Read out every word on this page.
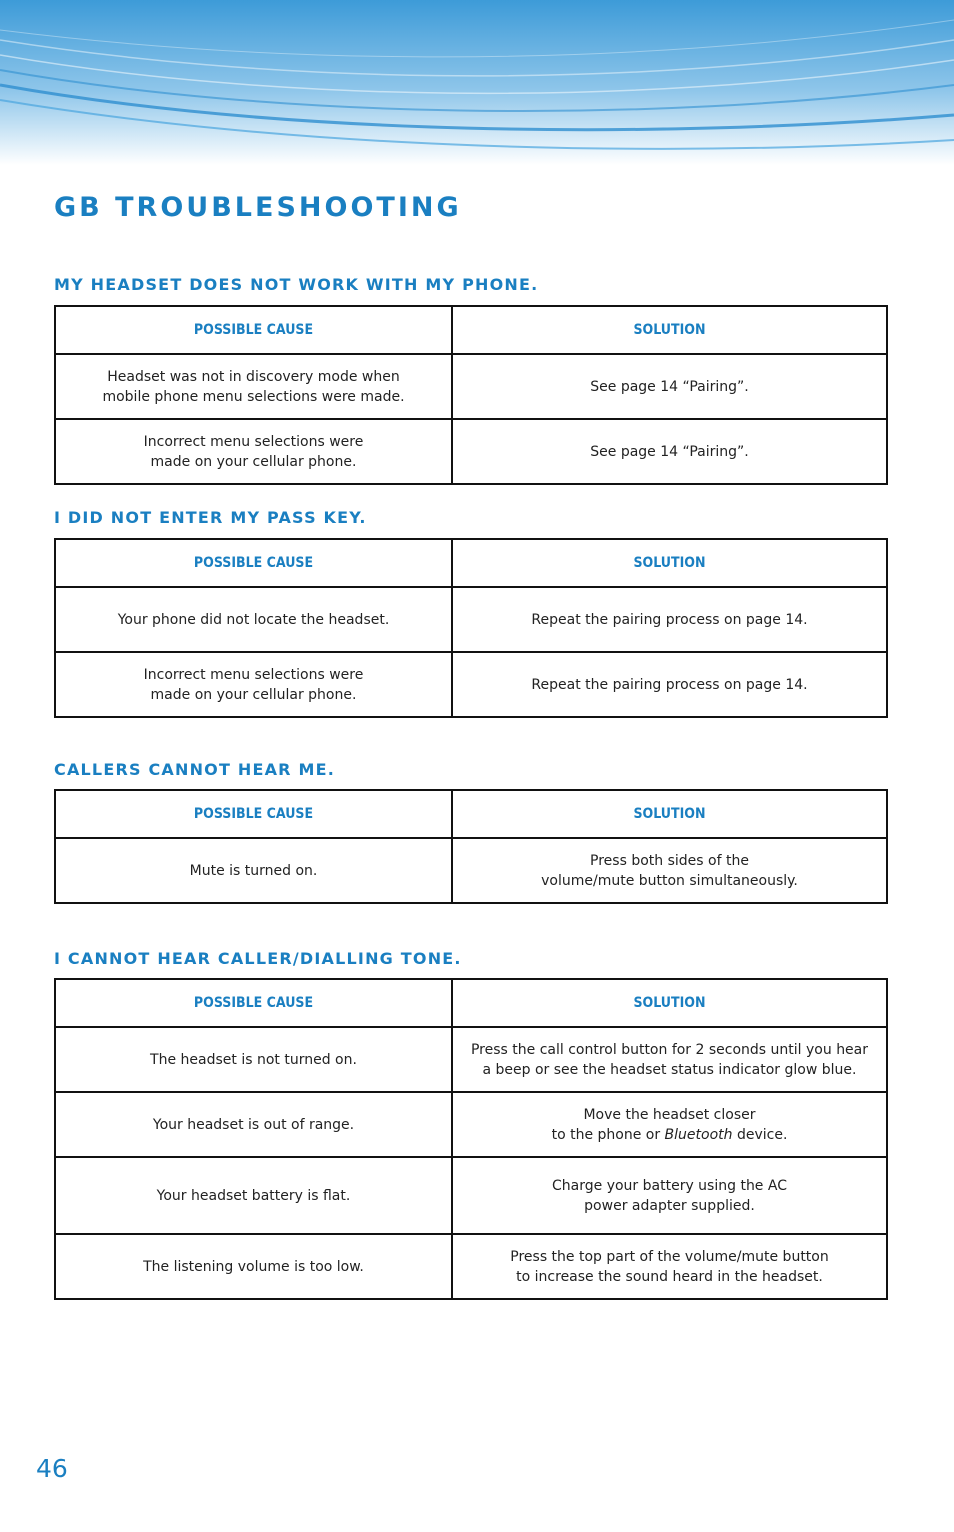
GB TROUBLESHOOTING
MY HEADSET DOES NOT WORK WITH MY PHONE.
POSSIBLE CAUSE	SOLUTION

Headset was not in discovery mode when
mobile phone menu selections were made.	See page 14 “Pairing”.

Incorrect menu selections were
made on your cellular phone.	See page 14 “Pairing”.
I DID NOT ENTER MY PASS KEY.
POSSIBLE CAUSE	SOLUTION

Your phone did not locate the headset.	Repeat the pairing process on page 14.

Incorrect menu selections were
made on your cellular phone.	Repeat the pairing process on page 14.
CALLERS CANNOT HEAR ME.
POSSIBLE CAUSE	SOLUTION

Mute is turned on.	Press both sides of the
volume/mute button simultaneously.
I CANNOT HEAR CALLER/DIALLING TONE.
POSSIBLE CAUSE	SOLUTION

The headset is not turned on.	Press the call control button for 2 seconds until you hear
a beep or see the headset status indicator glow blue.

Your headset is out of range.	Move the headset closer
to the phone or Bluetooth device.

Your headset battery is flat.	Charge your battery using the AC
power adapter supplied.

The listening volume is too low.	Press the top part of the volume/mute button
to increase the sound heard in the headset.
46
